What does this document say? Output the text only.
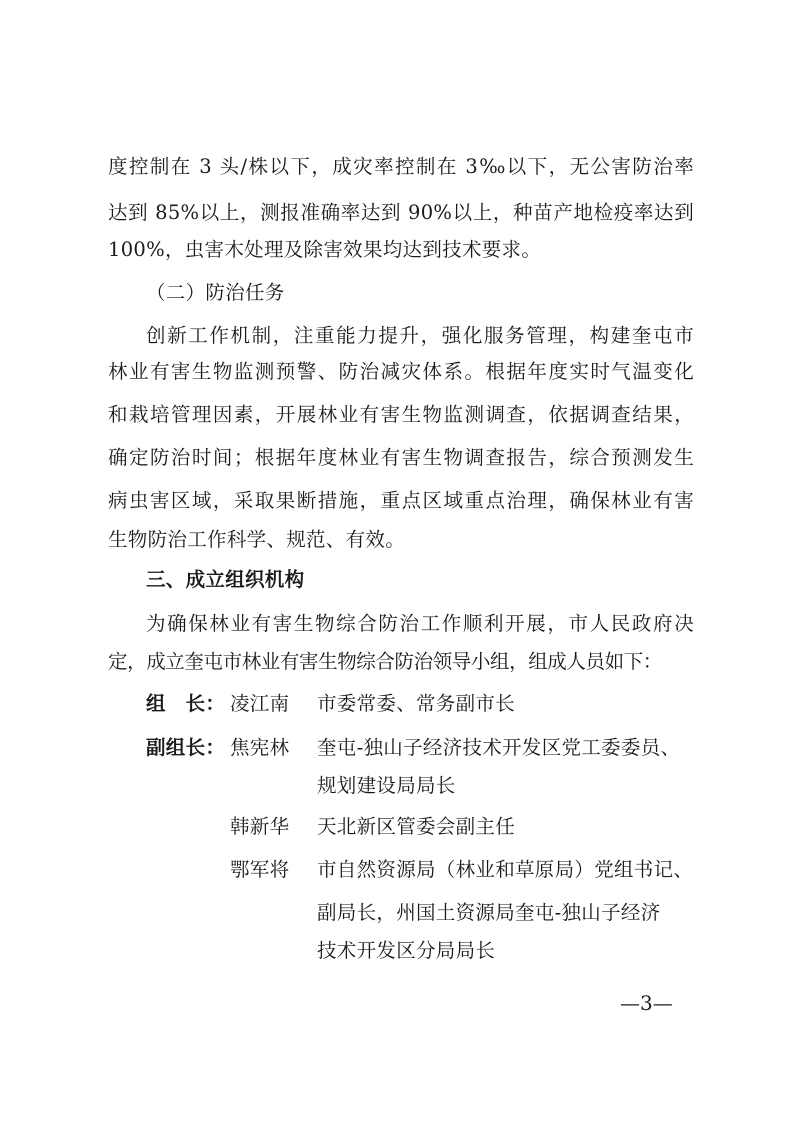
度控制在 3 头/株以下，成灾率控制在 3‰以下，无公害防治率
达到 85%以上，测报准确率达到 90%以上，种苗产地检疫率达到
100%，虫害木处理及除害效果均达到技术要求。
（二）防治任务
创新工作机制，注重能力提升，强化服务管理，构建奎屯市
林业有害生物监测预警、防治减灾体系。根据年度实时气温变化
和栽培管理因素，开展林业有害生物监测调查，依据调查结果，
确定防治时间；根据年度林业有害生物调查报告，综合预测发生
病虫害区域，采取果断措施，重点区域重点治理，确保林业有害
生物防治工作科学、规范、有效。
三、成立组织机构
为确保林业有害生物综合防治工作顺利开展，市人民政府决
定，成立奎屯市林业有害生物综合防治领导小组，组成人员如下：
组　长： 凌江南 市委常委、常务副市长
副组长： 焦宪林 奎屯-独山子经济技术开发区党工委委员、
规划建设局局长
韩新华 天北新区管委会副主任
鄂军将 市自然资源局（林业和草原局）党组书记、
副局长，州国土资源局奎屯-独山子经济
技术开发区分局局长
—3—
